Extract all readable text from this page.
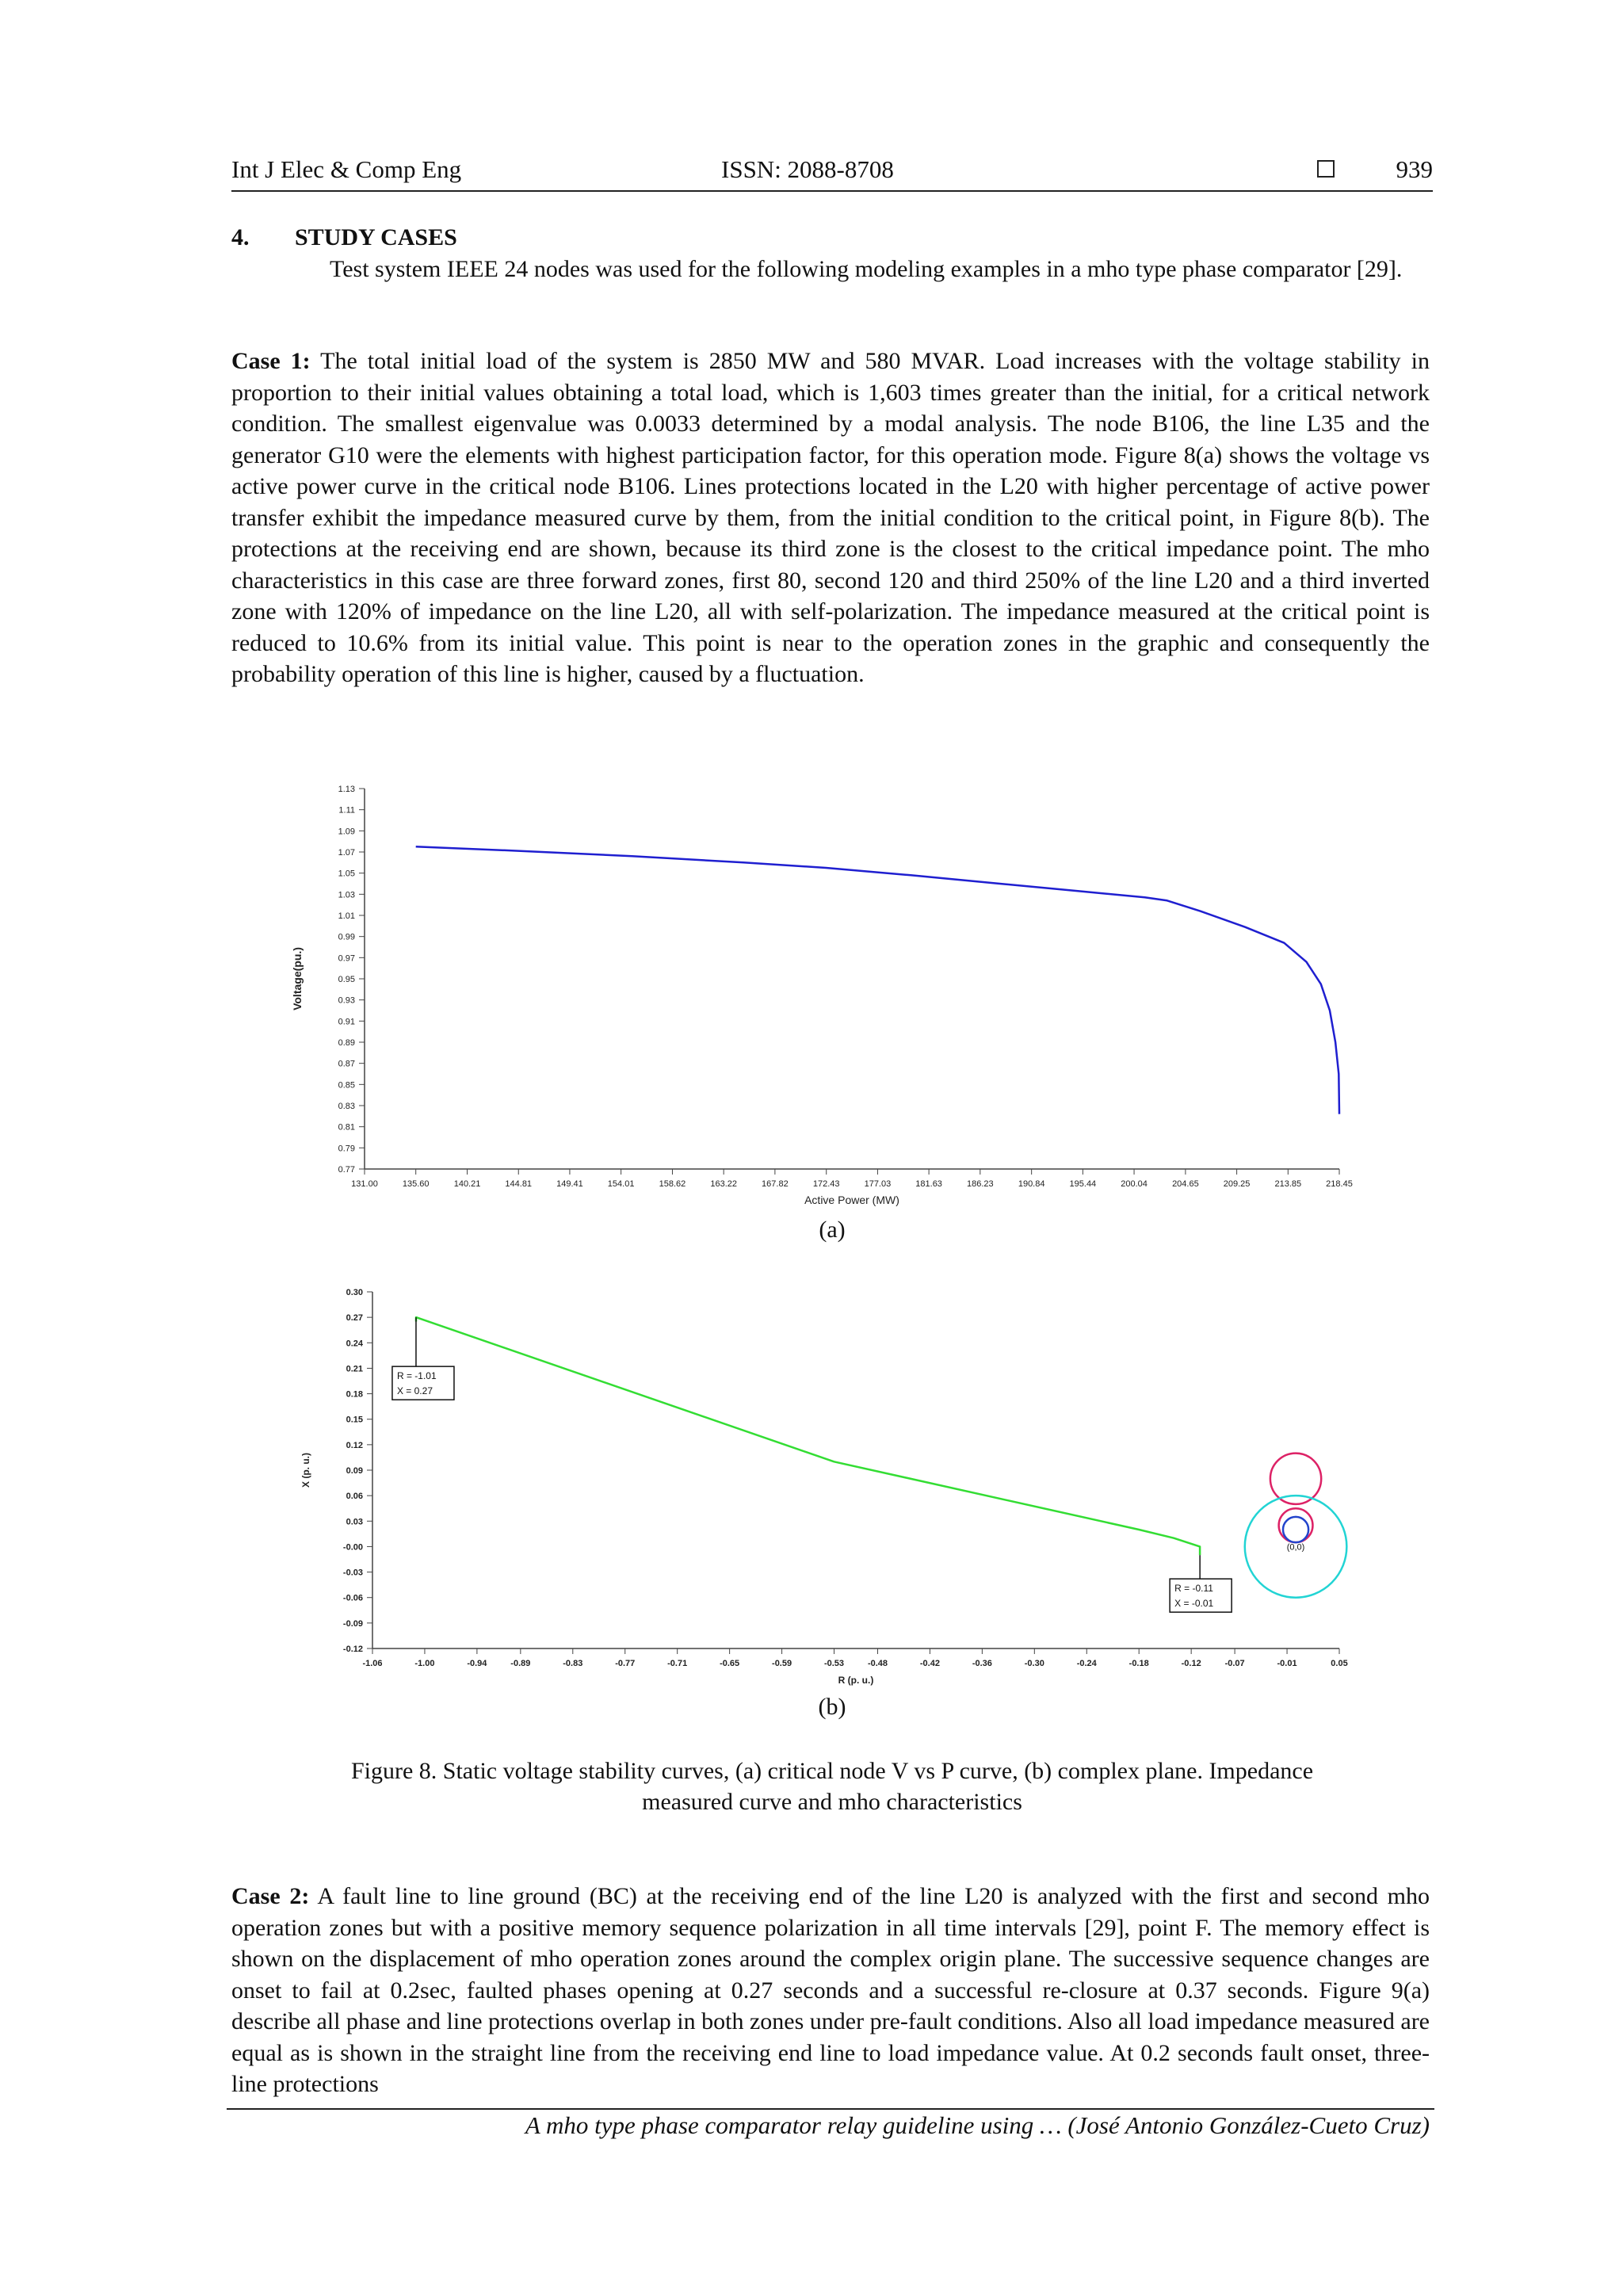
Int J Elec & Comp Eng	ISSN: 2088-8708	939
4. STUDY CASES
Test system IEEE 24 nodes was used for the following modeling examples in a mho type phase comparator [29].
Case 1: The total initial load of the system is 2850 MW and 580 MVAR. Load increases with the voltage stability in proportion to their initial values obtaining a total load, which is 1,603 times greater than the initial, for a critical network condition. The smallest eigenvalue was 0.0033 determined by a modal analysis. The node B106, the line L35 and the generator G10 were the elements with highest participation factor, for this operation mode. Figure 8(a) shows the voltage vs active power curve in the critical node B106. Lines protections located in the L20 with higher percentage of active power transfer exhibit the impedance measured curve by them, from the initial condition to the critical point, in Figure 8(b). The protections at the receiving end are shown, because its third zone is the closest to the critical impedance point. The mho characteristics in this case are three forward zones, first 80, second 120 and third 250% of the line L20 and a third inverted zone with 120% of impedance on the line L20, all with self-polarization. The impedance measured at the critical point is reduced to 10.6% from its initial value. This point is near to the operation zones in the graphic and consequently the probability operation of this line is higher, caused by a fluctuation.
1.13
1.11
1.09
1.07
1.05
1.03
1.01
0.99
0.97
0.95
0.93
0.91
0.89
0.87
0.85
0.83
0.81
0.79
0.77
131.00	135.60	140.21	144.81	149.41	154.01	158.62	163.22	167.82	172.43	177.03	181.63	186.23	190.84	195.44	200.04	204.65	209.25	213.85	218.45
Active Power (MW)
Voltage(pu.)
(a)
0.30
0.27
0.24
0.21
0.18
0.15
0.12
0.09
0.06
0.03
-0.00
-0.03
-0.06
-0.09
-0.12
-1.06	-1.00	-0.94	-0.89	-0.83	-0.77	-0.71	-0.65	-0.59	-0.53	-0.48	-0.42	-0.36	-0.30	-0.24	-0.18	-0.12	-0.07	-0.01	0.05
R (p. u.)
X (p. u.)
(0,0)
R = -1.01
X = 0.27
R = -0.11
X = -0.01
(b)
Figure 8. Static voltage stability curves, (a) critical node V vs P curve, (b) complex plane. Impedance
measured curve and mho characteristics
Case 2: A fault line to line ground (BC) at the receiving end of the line L20 is analyzed with the first and second mho operation zones but with a positive memory sequence polarization in all time intervals [29], point F. The memory effect is shown on the displacement of mho operation zones around the complex origin plane. The successive sequence changes are onset to fail at 0.2sec, faulted phases opening at 0.27 seconds and a successful re-closure at 0.37 seconds. Figure 9(a) describe all phase and line protections overlap in both zones under pre-fault conditions. Also all load impedance measured are equal as is shown in the straight line from the receiving end line to load impedance value. At 0.2 seconds fault onset, three-line protections
A mho type phase comparator relay guideline using … (José Antonio González-Cueto Cruz)
